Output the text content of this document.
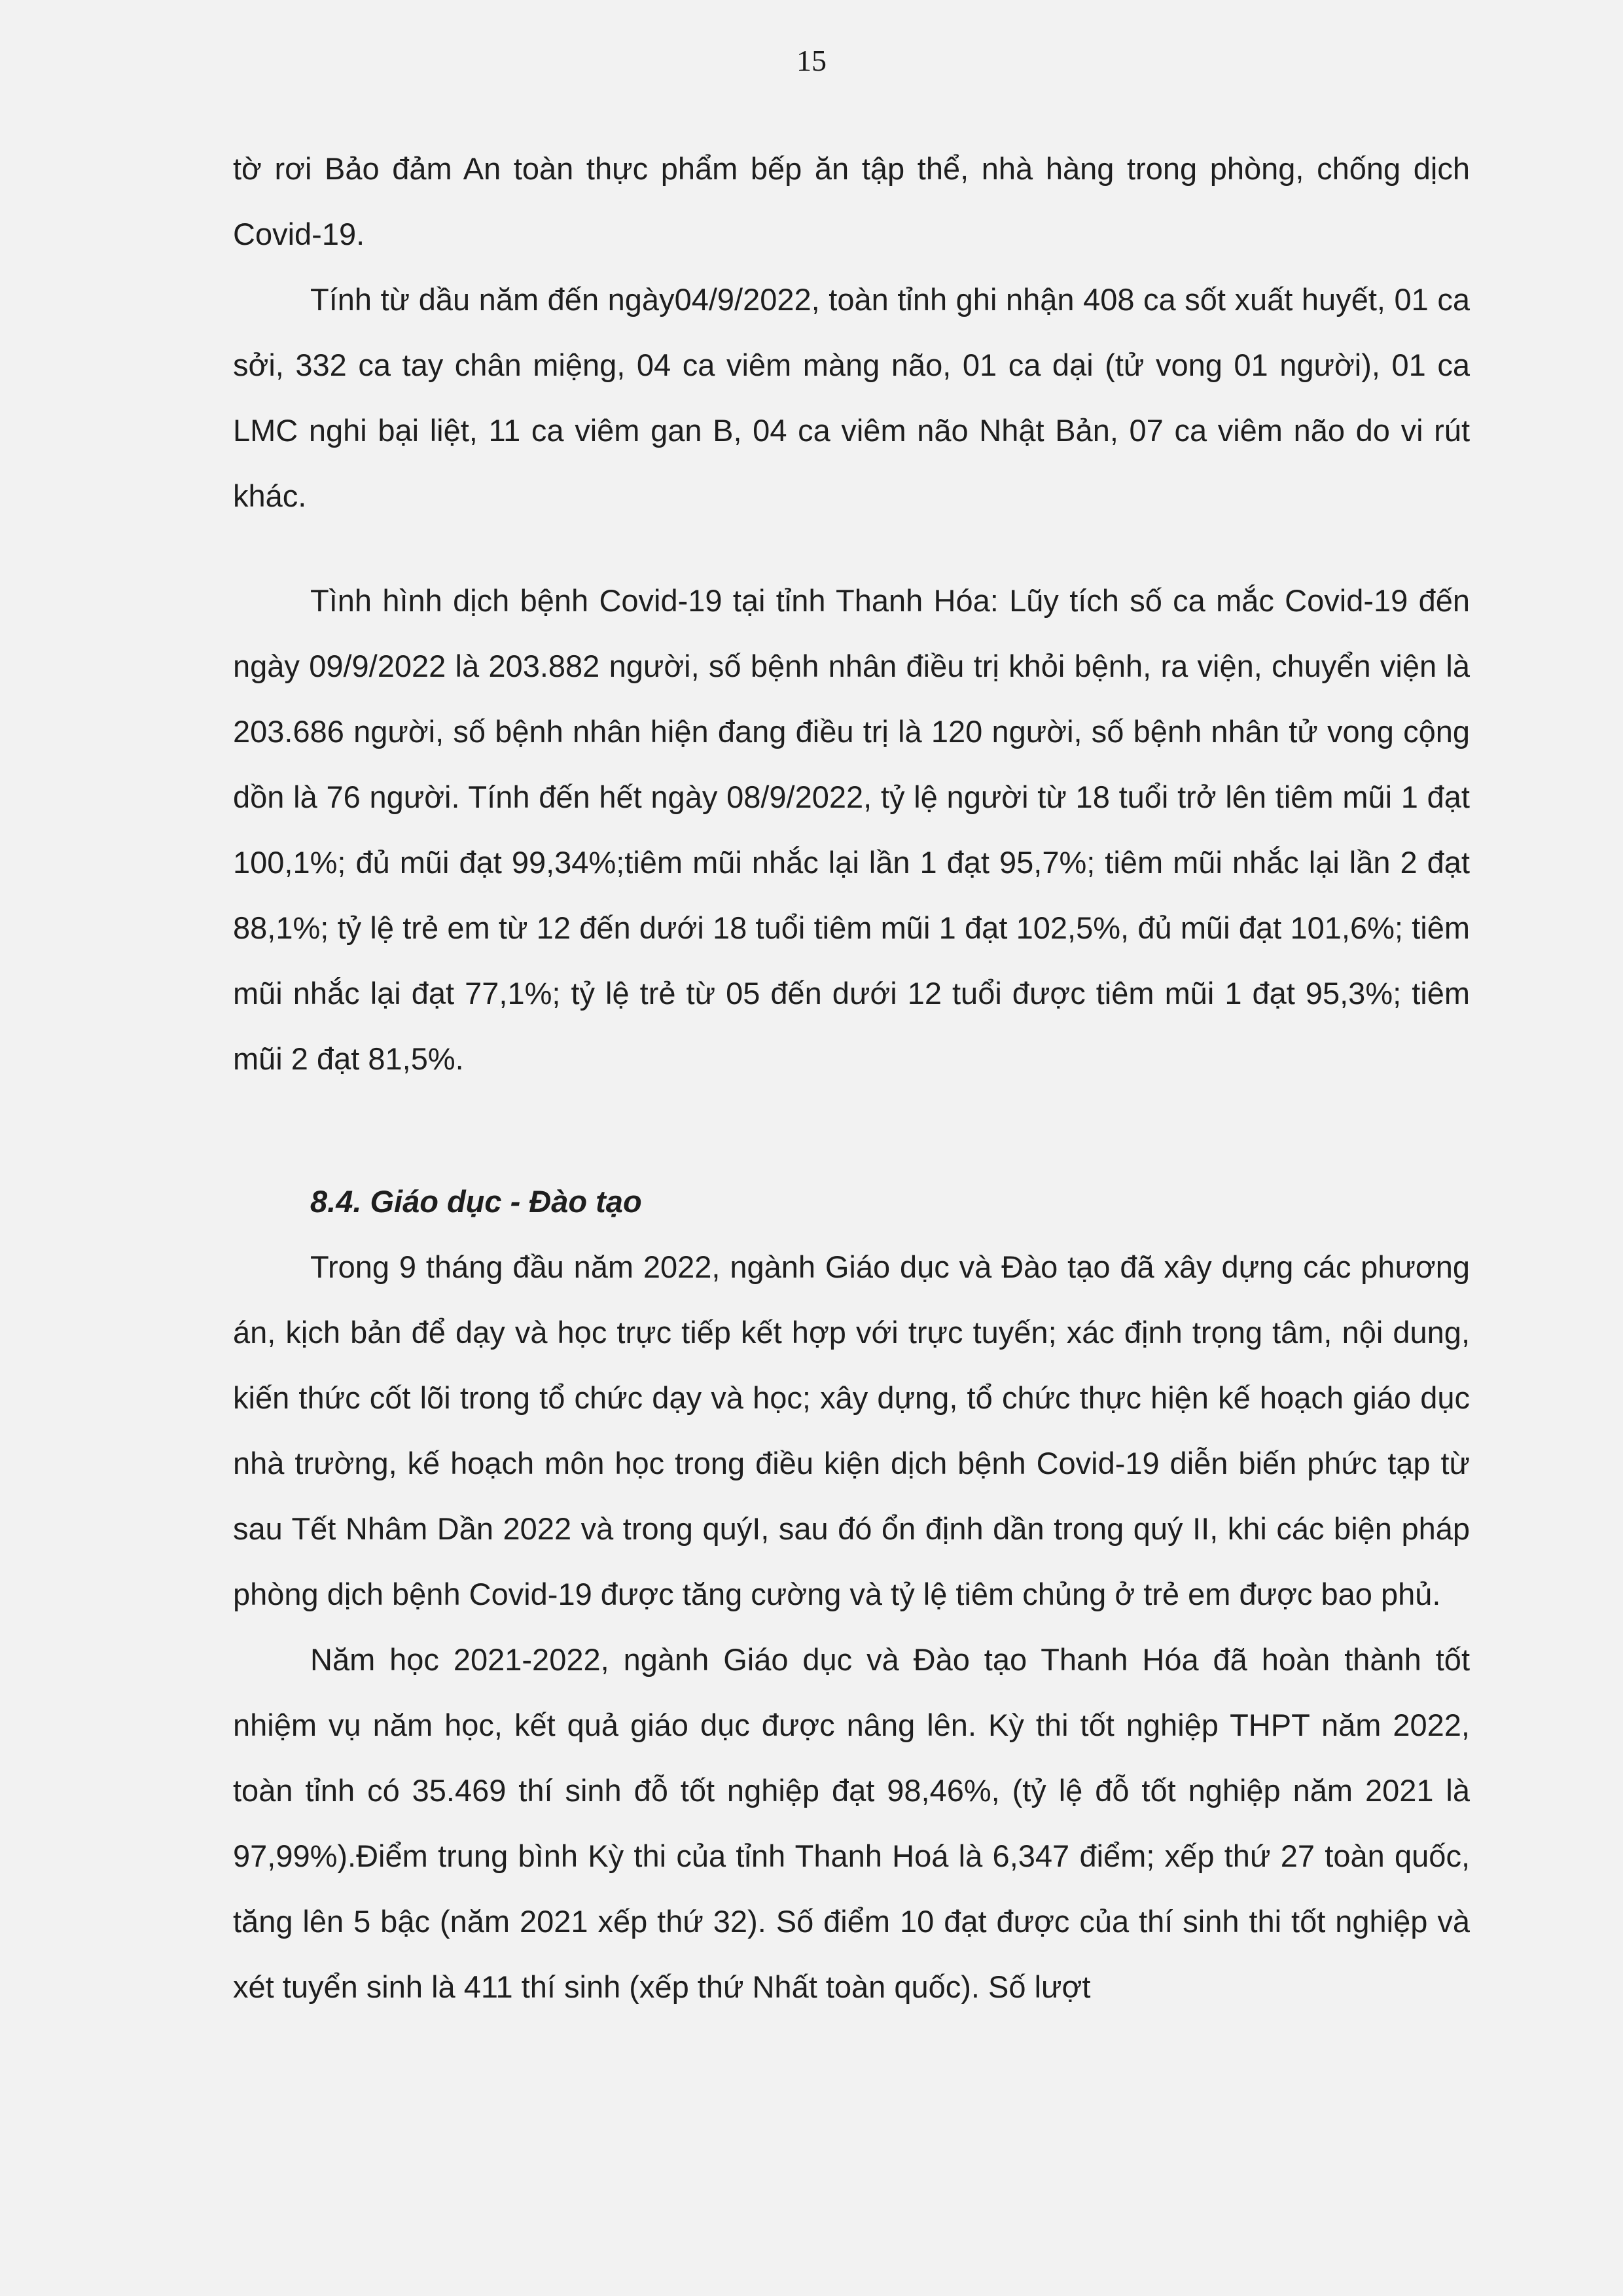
15

tờ rơi Bảo đảm An toàn thực phẩm bếp ăn tập thể, nhà hàng trong phòng, chống dịch Covid-19.

Tính từ dầu năm đến ngày04/9/2022, toàn tỉnh ghi nhận 408 ca sốt xuất huyết, 01 ca sởi, 332 ca tay chân miệng, 04 ca viêm màng não, 01 ca dại (tử vong 01 người), 01 ca LMC nghi bại liệt, 11 ca viêm gan B, 04 ca viêm não Nhật Bản, 07 ca viêm não do vi rút khác.

Tình hình dịch bệnh Covid-19 tại tỉnh Thanh Hóa: Lũy tích số ca mắc Covid-19 đến ngày 09/9/2022 là 203.882 người, số bệnh nhân điều trị khỏi bệnh, ra viện, chuyển viện là 203.686 người, số bệnh nhân hiện đang điều trị là 120 người, số bệnh nhân tử vong cộng dồn là 76 người. Tính đến hết ngày 08/9/2022, tỷ lệ người từ 18 tuổi trở lên tiêm mũi 1 đạt 100,1%; đủ mũi đạt 99,34%;tiêm mũi nhắc lại lần 1 đạt 95,7%; tiêm mũi nhắc lại lần 2 đạt 88,1%; tỷ lệ trẻ em từ 12 đến dưới 18 tuổi tiêm mũi 1 đạt 102,5%, đủ mũi đạt 101,6%; tiêm mũi nhắc lại đạt 77,1%; tỷ lệ trẻ từ 05 đến dưới 12 tuổi được tiêm mũi 1 đạt 95,3%; tiêm mũi 2 đạt 81,5%.

8.4. Giáo dục - Đào tạo

Trong 9 tháng đầu năm 2022, ngành Giáo dục và Đào tạo đã xây dựng các phương án, kịch bản để dạy và học trực tiếp kết hợp với trực tuyến; xác định trọng tâm, nội dung, kiến thức cốt lõi trong tổ chức dạy và học; xây dựng, tổ chức thực hiện kế hoạch giáo dục nhà trường, kế hoạch môn học trong điều kiện dịch bệnh Covid-19 diễn biến phức tạp từ sau Tết Nhâm Dần 2022 và trong quýI, sau đó ổn định dần trong quý II, khi các biện pháp phòng dịch bệnh Covid-19 được tăng cường và tỷ lệ tiêm chủng ở trẻ em được bao phủ.

Năm học 2021-2022, ngành Giáo dục và Đào tạo Thanh Hóa đã hoàn thành tốt nhiệm vụ năm học, kết quả giáo dục được nâng lên. Kỳ thi tốt nghiệp THPT năm 2022, toàn tỉnh có 35.469 thí sinh đỗ tốt nghiệp đạt 98,46%, (tỷ lệ đỗ tốt nghiệp năm 2021 là 97,99%).Điểm trung bình Kỳ thi của tỉnh Thanh Hoá là 6,347 điểm; xếp thứ 27 toàn quốc, tăng lên 5 bậc (năm 2021 xếp thứ 32). Số điểm 10 đạt được của thí sinh thi tốt nghiệp và xét tuyển sinh là 411 thí sinh (xếp thứ Nhất toàn quốc). Số lượt
